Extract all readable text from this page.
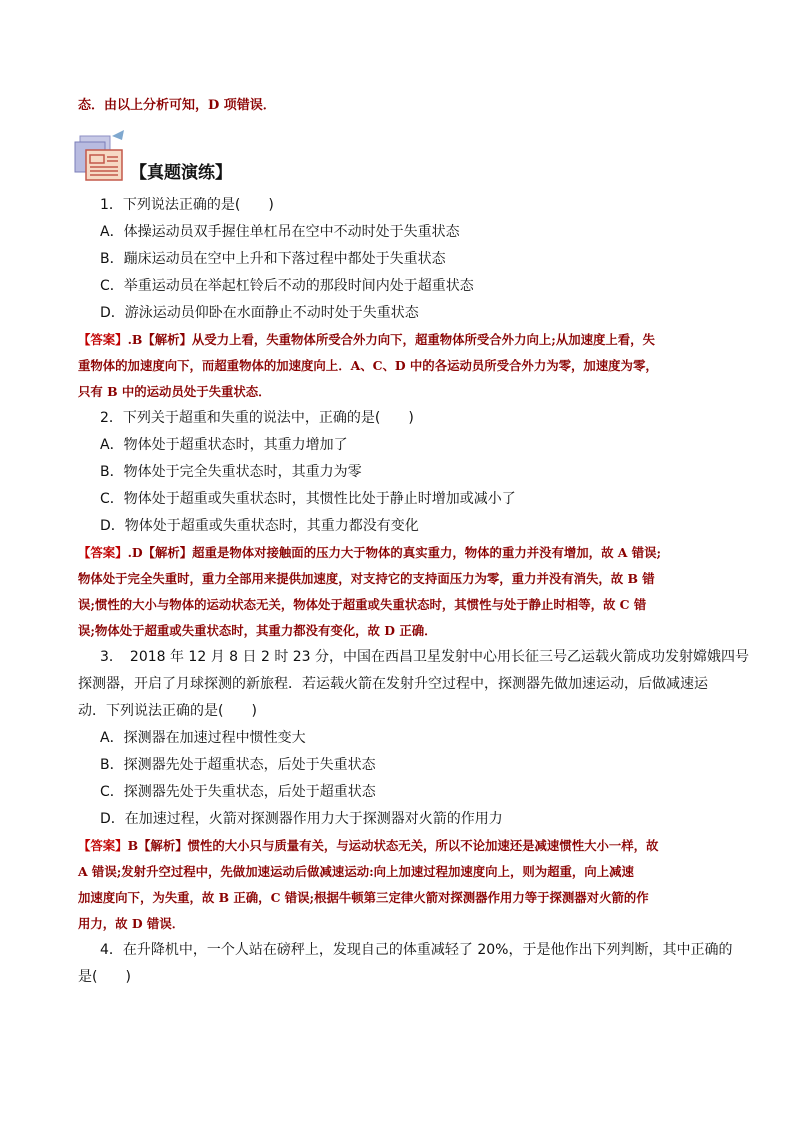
态．由以上分析可知，D 项错误．
【真题演练】
1．下列说法正确的是(　　)
A．体操运动员双手握住单杠吊在空中不动时处于失重状态
B．蹦床运动员在空中上升和下落过程中都处于失重状态
C．举重运动员在举起杠铃后不动的那段时间内处于超重状态
D．游泳运动员仰卧在水面静止不动时处于失重状态
【答案】.B【解析】从受力上看，失重物体所受合外力向下，超重物体所受合外力向上;从加速度上看，失
重物体的加速度向下，而超重物体的加速度向上．A、C、D 中的各运动员所受合外力为零，加速度为零，
只有 B 中的运动员处于失重状态．
2．下列关于超重和失重的说法中，正确的是(　　)
A．物体处于超重状态时，其重力增加了
B．物体处于完全失重状态时，其重力为零
C．物体处于超重或失重状态时，其惯性比处于静止时增加或减小了
D．物体处于超重或失重状态时，其重力都没有变化
【答案】.D【解析】超重是物体对接触面的压力大于物体的真实重力，物体的重力并没有增加，故 A 错误;
物体处于完全失重时，重力全部用来提供加速度，对支持它的支持面压力为零，重力并没有消失，故 B 错
误;惯性的大小与物体的运动状态无关，物体处于超重或失重状态时，其惯性与处于静止时相等，故 C 错
误;物体处于超重或失重状态时，其重力都没有变化，故 D 正确．
3．　2018 年 12 月 8 日 2 时 23 分，中国在西昌卫星发射中心用长征三号乙运载火箭成功发射嫦娥四号
探测器，开启了月球探测的新旅程．若运载火箭在发射升空过程中，探测器先做加速运动，后做减速运
动．下列说法正确的是(　　)
A．探测器在加速过程中惯性变大
B．探测器先处于超重状态，后处于失重状态
C．探测器先处于失重状态，后处于超重状态
D．在加速过程，火箭对探测器作用力大于探测器对火箭的作用力
【答案】B【解析】惯性的大小只与质量有关，与运动状态无关，所以不论加速还是减速惯性大小一样，故
A 错误;发射升空过程中，先做加速运动后做减速运动:向上加速过程加速度向上，则为超重，向上减速
加速度向下，为失重，故 B 正确，C 错误;根据牛顿第三定律火箭对探测器作用力等于探测器对火箭的作
用力，故 D 错误．
4．在升降机中，一个人站在磅秤上，发现自己的体重减轻了 20%，于是他作出下列判断，其中正确的
是(　　)
